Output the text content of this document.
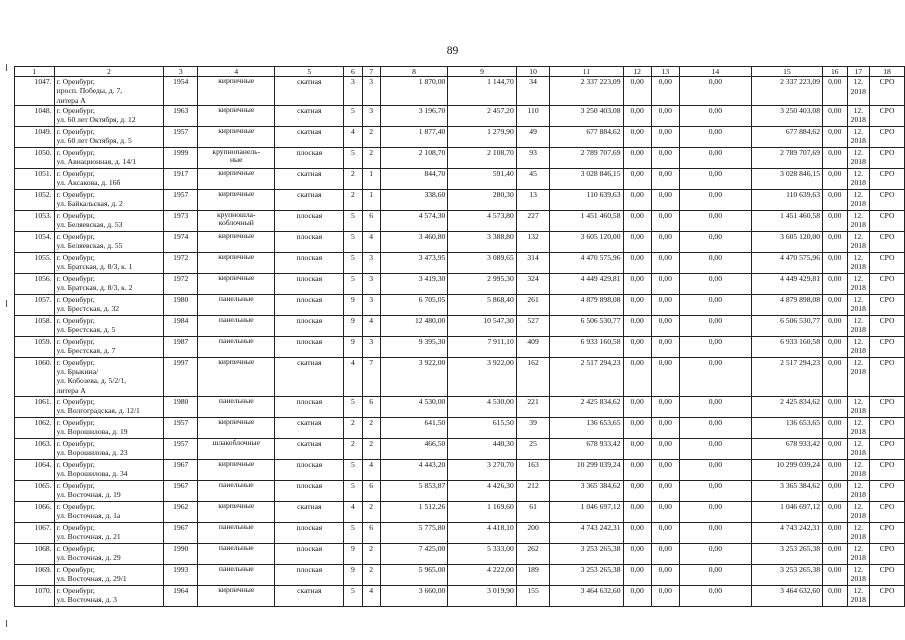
89
1	2	3	4	5	6	7	8	9	10	11	12	13	14	15	16	17	18
1047.	г. Оренбург,
просп. Победы, д. 7,
литера А	1954	кирпичные	скатная	3	3	1 870,00	1 144,70	34	2 337 223,09	0,00	0,00	0,00	2 337 223,09	0,00	12.
2018	СРО
1048.	г. Оренбург,
ул. 60 лет Октября, д. 12	1963	кирпичные	скатная	5	3	3 196,70	2 457,20	110	3 250 403,08	0,00	0,00	0,00	3 250 403,08	0,00	12.
2018	СРО
1049.	г. Оренбург,
ул. 60 лет Октября, д. 5	1957	кирпичные	скатная	4	2	1 877,40	1 279,90	49	677 884,62	0,00	0,00	0,00	677 884,62	0,00	12.
2018	СРО
1050.	г. Оренбург,
ул. Авиационная, д. 14/1	1999	крупнопанель-
ные	плоская	5	2	2 108,70	2 108,70	93	2 789 707,69	0,00	0,00	0,00	2 789 707,69	0,00	12.
2018	СРО
1051.	г. Оренбург,
ул. Аксакова, д. 16б	1917	кирпичные	скатная	2	1	844,70	591,40	45	3 028 846,15	0,00	0,00	0,00	3 028 846,15	0,00	12.
2018	СРО
1052.	г. Оренбург,
ул. Байкальская, д. 2	1957	кирпичные	скатная	2	1	338,60	280,30	13	110 639,63	0,00	0,00	0,00	110 639,63	0,00	12.
2018	СРО
1053.	г. Оренбург,
ул. Беляевская, д. 53	1973	крупношла-
коблочный	плоская	5	6	4 574,30	4 573,80	227	1 451 460,58	0,00	0,00	0,00	1 451 460,58	0,00	12.
2018	СРО
1054.	г. Оренбург,
ул. Беляевская, д. 55	1974	кирпичные	плоская	5	4	3 460,80	3 388,80	132	3 605 120,00	0,00	0,00	0,00	3 605 120,00	0,00	12.
2018	СРО
1055.	г. Оренбург,
ул. Братская, д. 8/3, к. 1	1972	кирпичные	плоская	5	3	3 473,95	3 089,65	314	4 470 575,96	0,00	0,00	0,00	4 470 575,96	0,00	12.
2018	СРО
1056.	г. Оренбург,
ул. Братская, д. 8/3, к. 2	1972	кирпичные	плоская	5	3	3 419,30	2 995,30	324	4 449 429,81	0,00	0,00	0,00	4 449 429,81	0,00	12.
2018	СРО
1057.	г. Оренбург,
ул. Брестская, д. 32	1980	панельные	плоская	9	3	6 705,05	5 868,40	261	4 879 898,08	0,00	0,00	0,00	4 879 898,08	0,00	12.
2018	СРО
1058.	г. Оренбург,
ул. Брестская, д. 5	1984	панельные	плоская	9	4	12 480,00	10 547,30	527	6 506 530,77	0,00	0,00	0,00	6 506 530,77	0,00	12.
2018	СРО
1059.	г. Оренбург,
ул. Брестская, д. 7	1987	панельные	плоская	9	3	9 395,30	7 911,10	409	6 933 160,58	0,00	0,00	0,00	6 933 160,58	0,00	12.
2018	СРО
1060.	г. Оренбург,
ул. Брыкина/
ул. Кобозева, д. 5/2/1,
литера А	1997	кирпичные	скатная	4	7	3 922,00	3 922,00	162	2 517 294,23	0,00	0,00	0,00	2 517 294,23	0,00	12.
2018	СРО
1061.	г. Оренбург,
ул. Волгоградская, д. 12/1	1980	панельные	плоская	5	6	4 530,00	4 530,00	221	2 425 834,62	0,00	0,00	0,00	2 425 834,62	0,00	12.
2018	СРО
1062.	г. Оренбург,
ул. Ворошилова, д. 19	1957	кирпичные	скатная	2	2	641,50	615,50	39	136 653,65	0,00	0,00	0,00	136 653,65	0,00	12.
2018	СРО
1063.	г. Оренбург,
ул. Ворошилова, д. 23	1957	шлакоблочные	скатная	2	2	466,50	440,30	25	678 933,42	0,00	0,00	0,00	678 933,42	0,00	12.
2018	СРО
1064.	г. Оренбург,
ул. Ворошилова, д. 34	1967	кирпичные	плоская	5	4	4 443,20	3 270,70	163	10 299 039,24	0,00	0,00	0,00	10 299 039,24	0,00	12.
2018	СРО
1065.	г. Оренбург,
ул. Восточная, д. 19	1967	панельные	плоская	5	6	5 853,87	4 426,30	212	3 365 384,62	0,00	0,00	0,00	3 365 384,62	0,00	12.
2018	СРО
1066.	г. Оренбург,
ул. Восточная, д. 1а	1962	кирпичные	скатная	4	2	1 512,26	1 169,60	61	1 046 697,12	0,00	0,00	0,00	1 046 697,12	0,00	12.
2018	СРО
1067.	г. Оренбург,
ул. Восточная, д. 21	1967	панельные	плоская	5	6	5 775,80	4 418,10	200	4 743 242,31	0,00	0,00	0,00	4 743 242,31	0,00	12.
2018	СРО
1068.	г. Оренбург,
ул. Восточная, д. 29	1990	панельные	плоская	9	2	7 425,00	5 333,00	262	3 253 265,38	0,00	0,00	0,00	3 253 265,38	0,00	12.
2018	СРО
1069.	г. Оренбург,
ул. Восточная, д. 29/1	1993	панельные	плоская	9	2	5 965,00	4 222,00	189	3 253 265,38	0,00	0,00	0,00	3 253 265,38	0,00	12.
2018	СРО
1070.	г. Оренбург,
ул. Восточная, д. 3	1964	кирпичные	скатная	5	4	3 660,00	3 019,90	155	3 464 632,60	0,00	0,00	0,00	3 464 632,60	0,00	12.
2018	СРО
